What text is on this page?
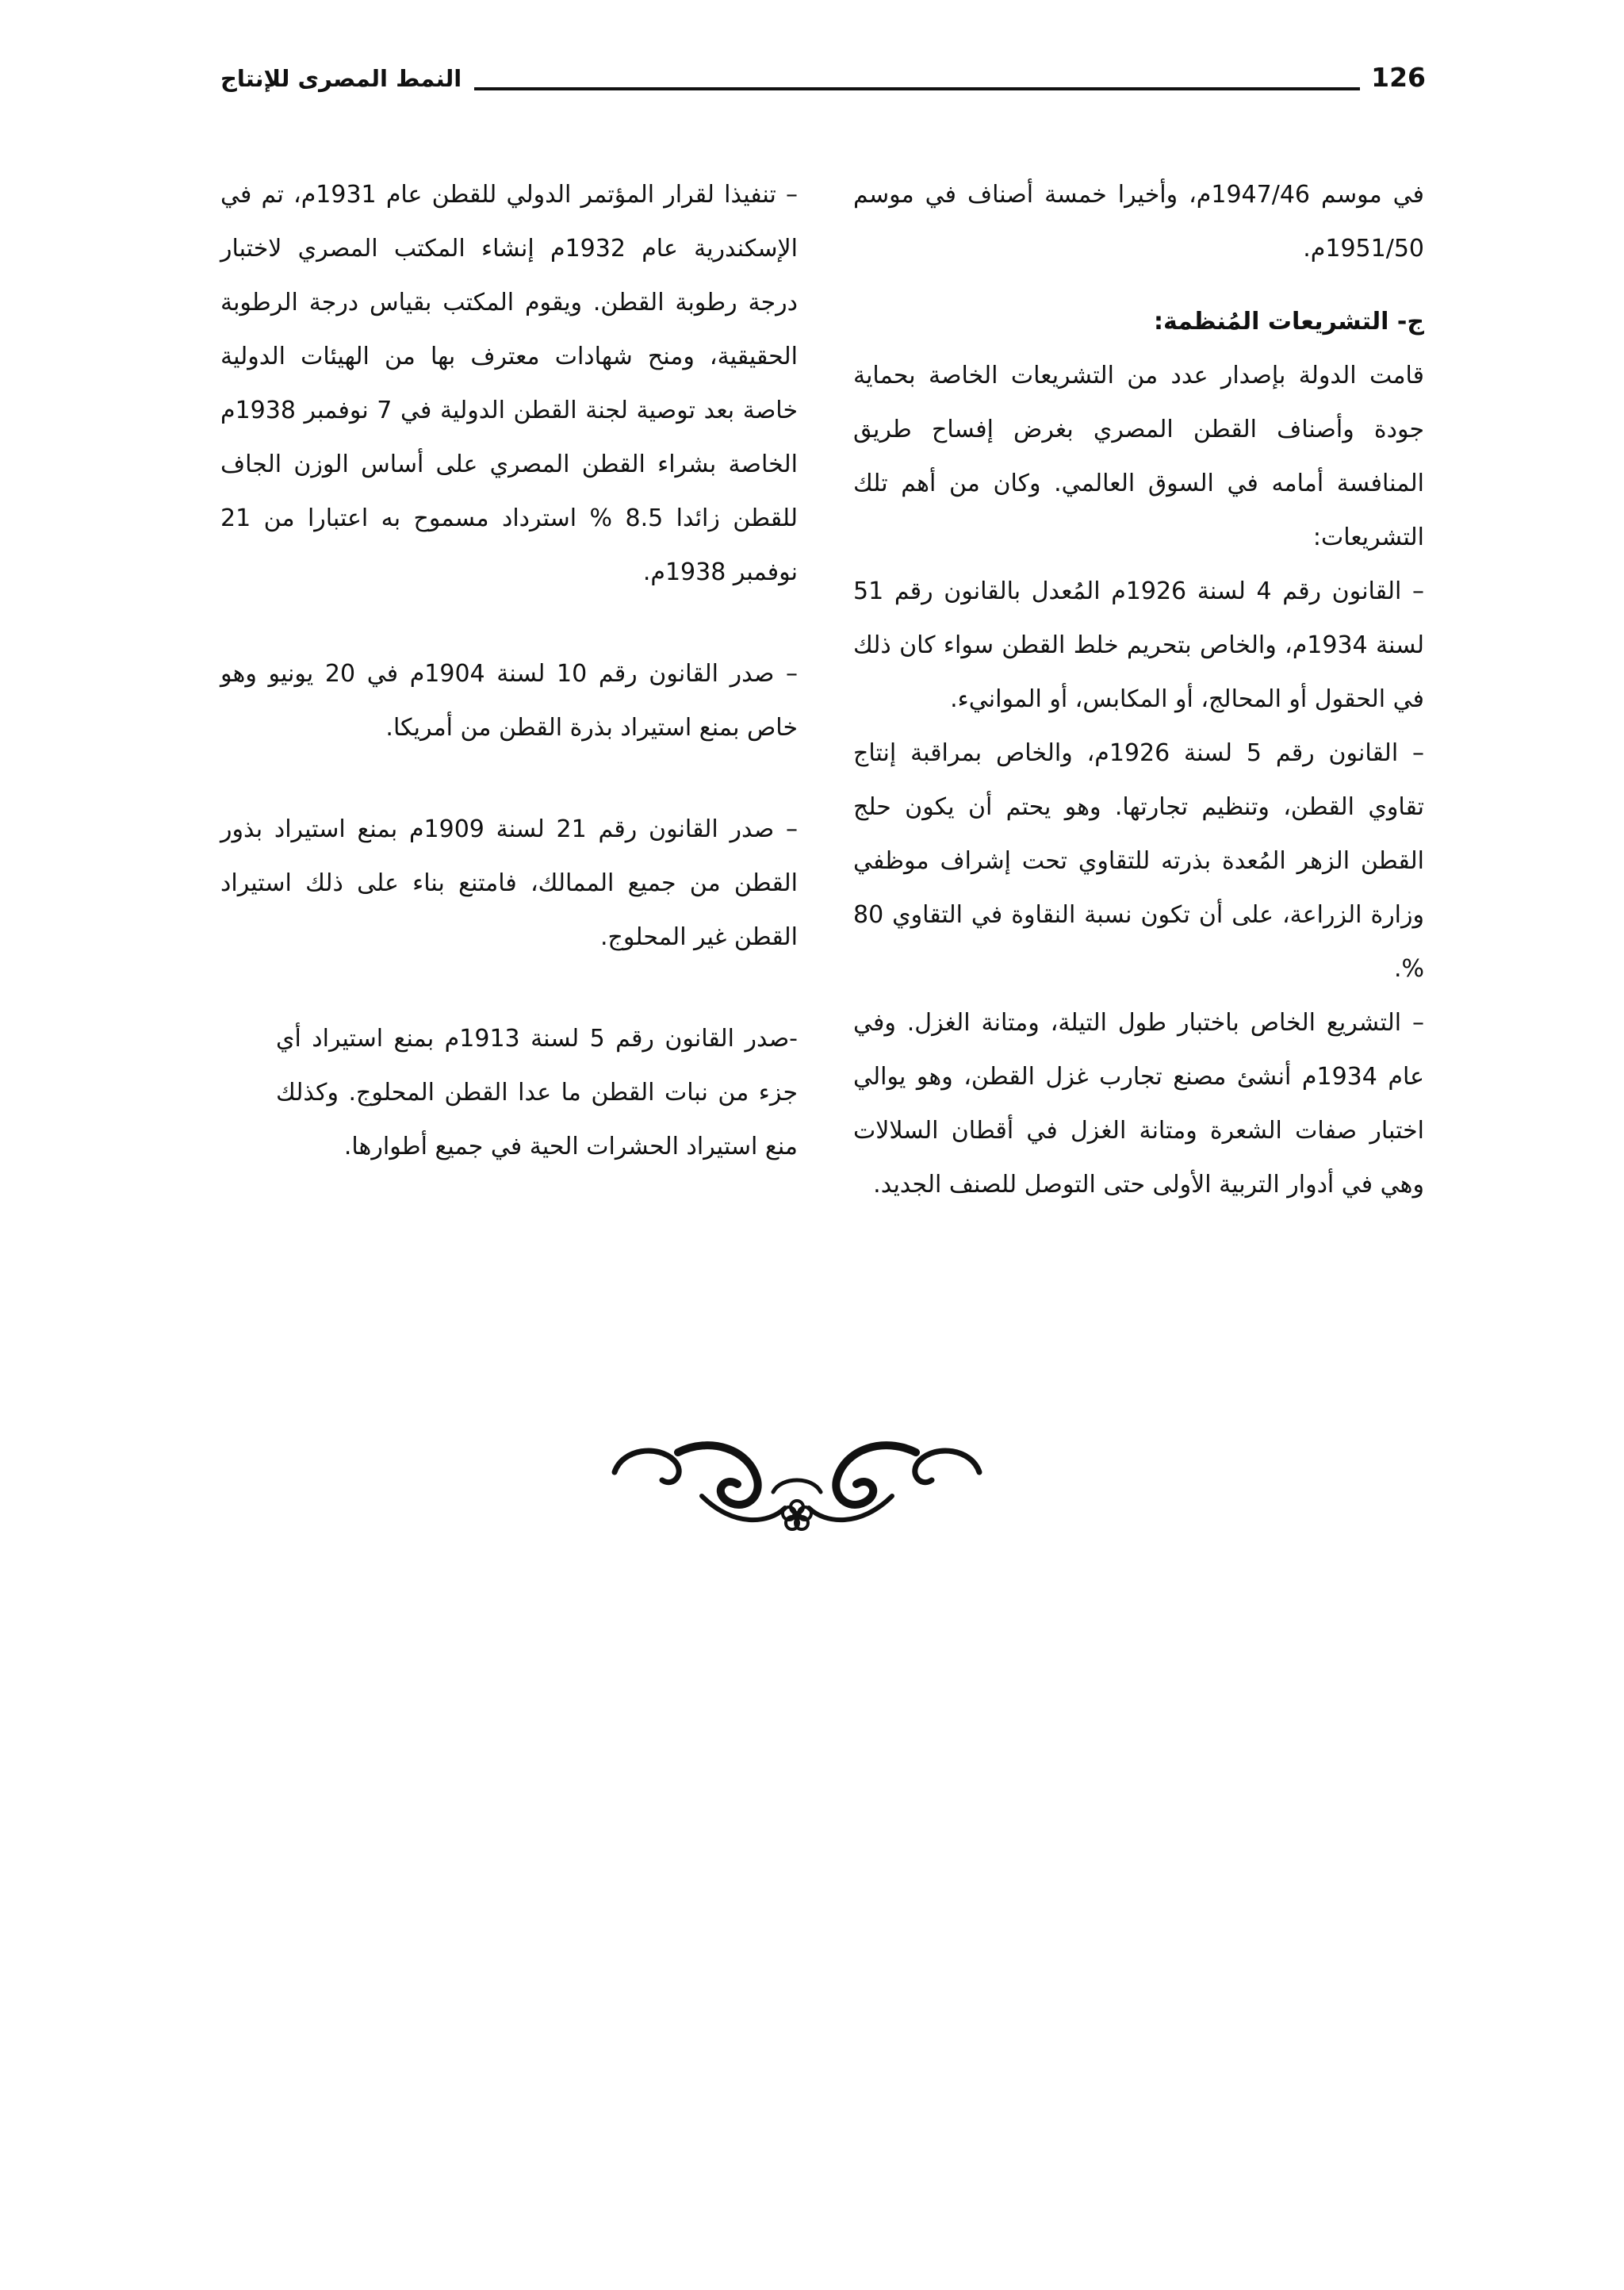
النمط المصرى للإنتاج	126

في موسم 1947/46م، وأخيرا خمسة أصناف في موسم 1951/50م.

ج- التشريعات المُنظمة:

قامت الدولة بإصدار عدد من التشريعات الخاصة بحماية جودة وأصناف القطن المصري بغرض إفساح طريق المنافسة أمامه في السوق العالمي. وكان من أهم تلك التشريعات:

– القانون رقم 4 لسنة 1926م المُعدل بالقانون رقم 51 لسنة 1934م، والخاص بتحريم خلط القطن سواء كان ذلك في الحقول أو المحالج، أو المكابس، أو الموانيء.

– القانون رقم 5 لسنة 1926م، والخاص بمراقبة إنتاج تقاوي القطن، وتنظيم تجارتها. وهو يحتم أن يكون حلج القطن الزهر المُعدة بذرته للتقاوي تحت إشراف موظفي وزارة الزراعة، على أن تكون نسبة النقاوة في التقاوي 80 %.

– التشريع الخاص باختبار طول التيلة، ومتانة الغزل. وفي عام 1934م أنشئ مصنع تجارب غزل القطن، وهو يوالي اختبار صفات الشعرة ومتانة الغزل في أقطان السلالات وهي في أدوار التربية الأولى حتى التوصل للصنف الجديد.

– تنفيذا لقرار المؤتمر الدولي للقطن عام 1931م، تم في الإسكندرية عام 1932م إنشاء المكتب المصري لاختبار درجة رطوبة القطن. ويقوم المكتب بقياس درجة الرطوبة الحقيقية، ومنح شهادات معترف بها من الهيئات الدولية خاصة بعد توصية لجنة القطن الدولية في 7 نوفمبر 1938م الخاصة بشراء القطن المصري على أساس الوزن الجاف للقطن زائدا 8.5 % استرداد مسموح به اعتبارا من 21 نوفمبر 1938م.

– صدر القانون رقم 10 لسنة 1904م في 20 يونيو وهو خاص بمنع استيراد بذرة القطن من أمريكا.

– صدر القانون رقم 21 لسنة 1909م بمنع استيراد بذور القطن من جميع الممالك، فامتنع بناء على ذلك استيراد القطن غير المحلوج.

-صدر القانون رقم 5 لسنة 1913م بمنع استيراد أي جزء من نبات القطن ما عدا القطن المحلوج. وكذلك منع استيراد الحشرات الحية في جميع أطوارها.
